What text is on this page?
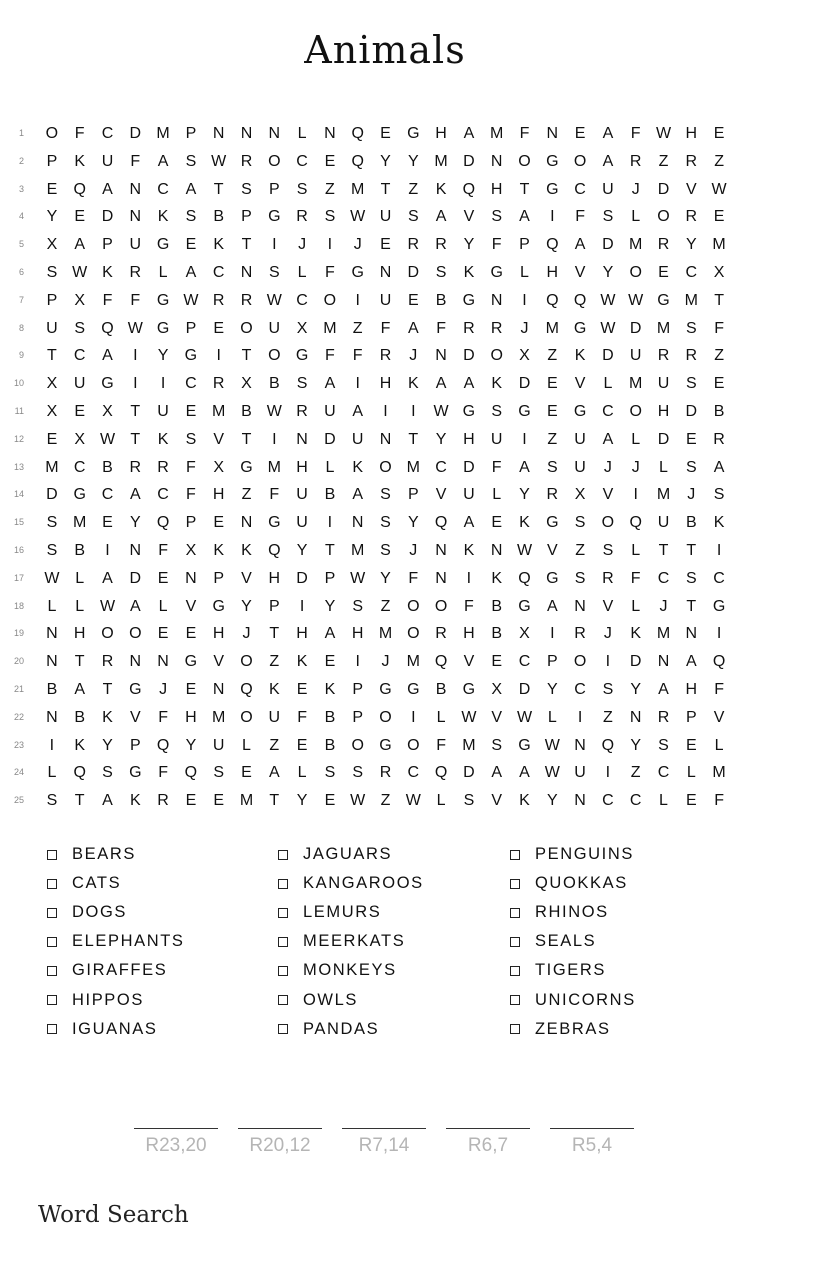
Animals
1	O	F	C	D M P	N	N	N	L	N Q	E	G H	A M	F	N	E	A	F W H	E
2	P	K	U	F	A	S W R O C	E	Q	Y	Y M D	N O G O	A	R	Z	R	Z
3	E	Q	A	N	C	A	T	S	P	S	Z	M	T	Z	K	Q H	T	G C	U	J	D	V W
4	Y	E	D	N	K	S	B	P	G R	S W U	S	A	V	S	A	I	F	S	L	O R	E
5	X	A	P	U G	E	K	T	I	J	I	J	E	R	R	Y	F	P	Q	A	D M R	Y M
6	S W K	R	L	A	C	N	S	L	F	G N	D	S	K	G	L	H	V	Y	O	E	C	X
7	P	X	F	F	G W R	R W C O	I	U	E	B	G N	I	Q Q W W G M	T
8	U	S	Q W G	P	E	O U	X M	Z	F	A	F	R	R	J	M G W D M S	F
9	T	C	A	I	Y	G	I	T	O G	F	F	R	J	N	D O	X	Z	K	D	U	R	R	Z
10	X	U G	I	I	C	R	X	B	S	A	I	H	K	A	A	K	D	E	V	L	M U	S	E
11	X	E	X	T	U	E M B W R	U	A	I	I	W G	S	G	E	G C O H	D	B
12	E	X W T	K	S	V	T	I	N	D	U	N	T	Y	H	U	I	Z	U	A	L	D	E	R
13	M C	B	R	R	F	X	G M H	L	K	O M C	D	F	A	S	U	J	J	L	S	A
14	D G C	A	C	F	H	Z	F	U	B	A	S	P	V	U	L	Y	R	X	V	I	M	J	S
15	S M E	Y	Q	P	E	N G U	I	N	S	Y	Q	A	E	K	G	S	O Q U	B	K
16	S	B	I	N	F	X	K	K	Q	Y	T	M S	J	N	K	N W V	Z	S	L	T	T	I
17	W L	A	D	E	N	P	V	H	D	P W Y	F	N	I	K	Q G	S	R	F	C	S	C
18	L	L W A	L	V	G	Y	P	I	Y	S	Z	O O	F	B	G	A	N	V	L	J	T	G
19	N	H O O	E	E	H	J	T	H	A	H M O R	H	B	X	I	R	J	K M N	I
20	N	T	R	N	N G	V	O	Z	K	E	I	J	M Q	V	E	C	P	O	I	D	N	A	Q
21	B	A	T	G	J	E	N Q	K	E	K	P	G G	B	G	X	D	Y	C	S	Y	A	H	F
22	N	B	K	V	F	H M O U	F	B	P	O	I	L W V W L	I	Z	N	R	P	V
23	I	K	Y	P	Q	Y	U	L	Z	E	B	O G O	F	M S	G W N Q	Y	S	E	L
24	L	Q	S	G	F	Q	S	E	A	L	S	S	R	C Q D	A	A W U	I	Z	C	L	M
25	S	T	A	K	R	E	E M	T	Y	E W Z W L	S	V	K	Y	N	C	C	L	E	F
BEARS
CATS
DOGS
ELEPHANTS
GIRAFFES
HIPPOS
IGUANAS
JAGUARS
KANGAROOS
LEMURS
MEERKATS
MONKEYS
OWLS
PANDAS
PENGUINS
QUOKKAS
RHINOS
SEALS
TIGERS
UNICORNS
ZEBRAS
R23,20	R20,12	R7,14	R6,7	R5,4
Word Search
